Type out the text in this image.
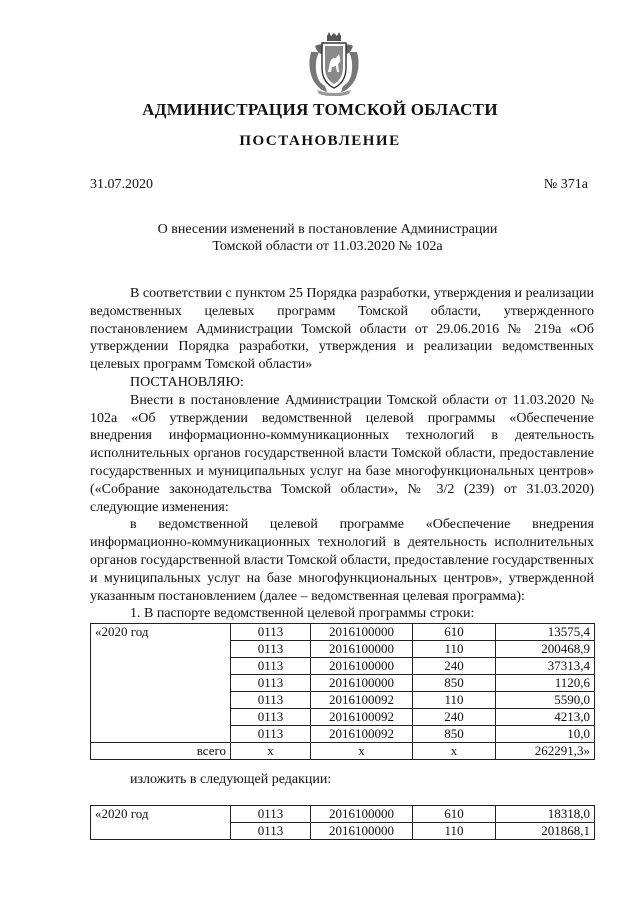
АДМИНИСТРАЦИЯ ТОМСКОЙ ОБЛАСТИ
ПОСТАНОВЛЕНИЕ
31.07.2020	№ 371а
О внесении изменений в постановление Администрации
Томской области от 11.03.2020 № 102а

В соответствии с пунктом 25 Порядка разработки, утверждения и реализации ведомственных целевых программ Томской области, утвержденного постановлением Администрации Томской области от 29.06.2016 № 219а «Об утверждении Порядка разработки, утверждения и реализации ведомственных целевых программ Томской области»

ПОСТАНОВЛЯЮ:

Внести в постановление Администрации Томской области от 11.03.2020 № 102а «Об утверждении ведомственной целевой программы «Обеспечение внедрения информационно-коммуникационных технологий в деятельность исполнительных органов государственной власти Томской области, предоставление государственных и муниципальных услуг на базе многофункциональных центров» («Собрание законодательства Томской области», № 3/2 (239) от 31.03.2020) следующие изменения:

в ведомственной целевой программе «Обеспечение внедрения информационно-коммуникационных технологий в деятельность исполнительных органов государственной власти Томской области, предоставление государственных и муниципальных услуг на базе многофункциональных центров», утвержденной указанным постановлением (далее – ведомственная целевая программа):

1. В паспорте ведомственной целевой программы строки:

«2020 год	0113	2016100000	610	13575,4
	0113	2016100000	110	200468,9
	0113	2016100000	240	37313,4
	0113	2016100000	850	1120,6
	0113	2016100092	110	5590,0
	0113	2016100092	240	4213,0
	0113	2016100092	850	10,0
всего	х	х	х	262291,3»

изложить в следующей редакции:

«2020 год	0113	2016100000	610	18318,0
	0113	2016100000	110	201868,1
